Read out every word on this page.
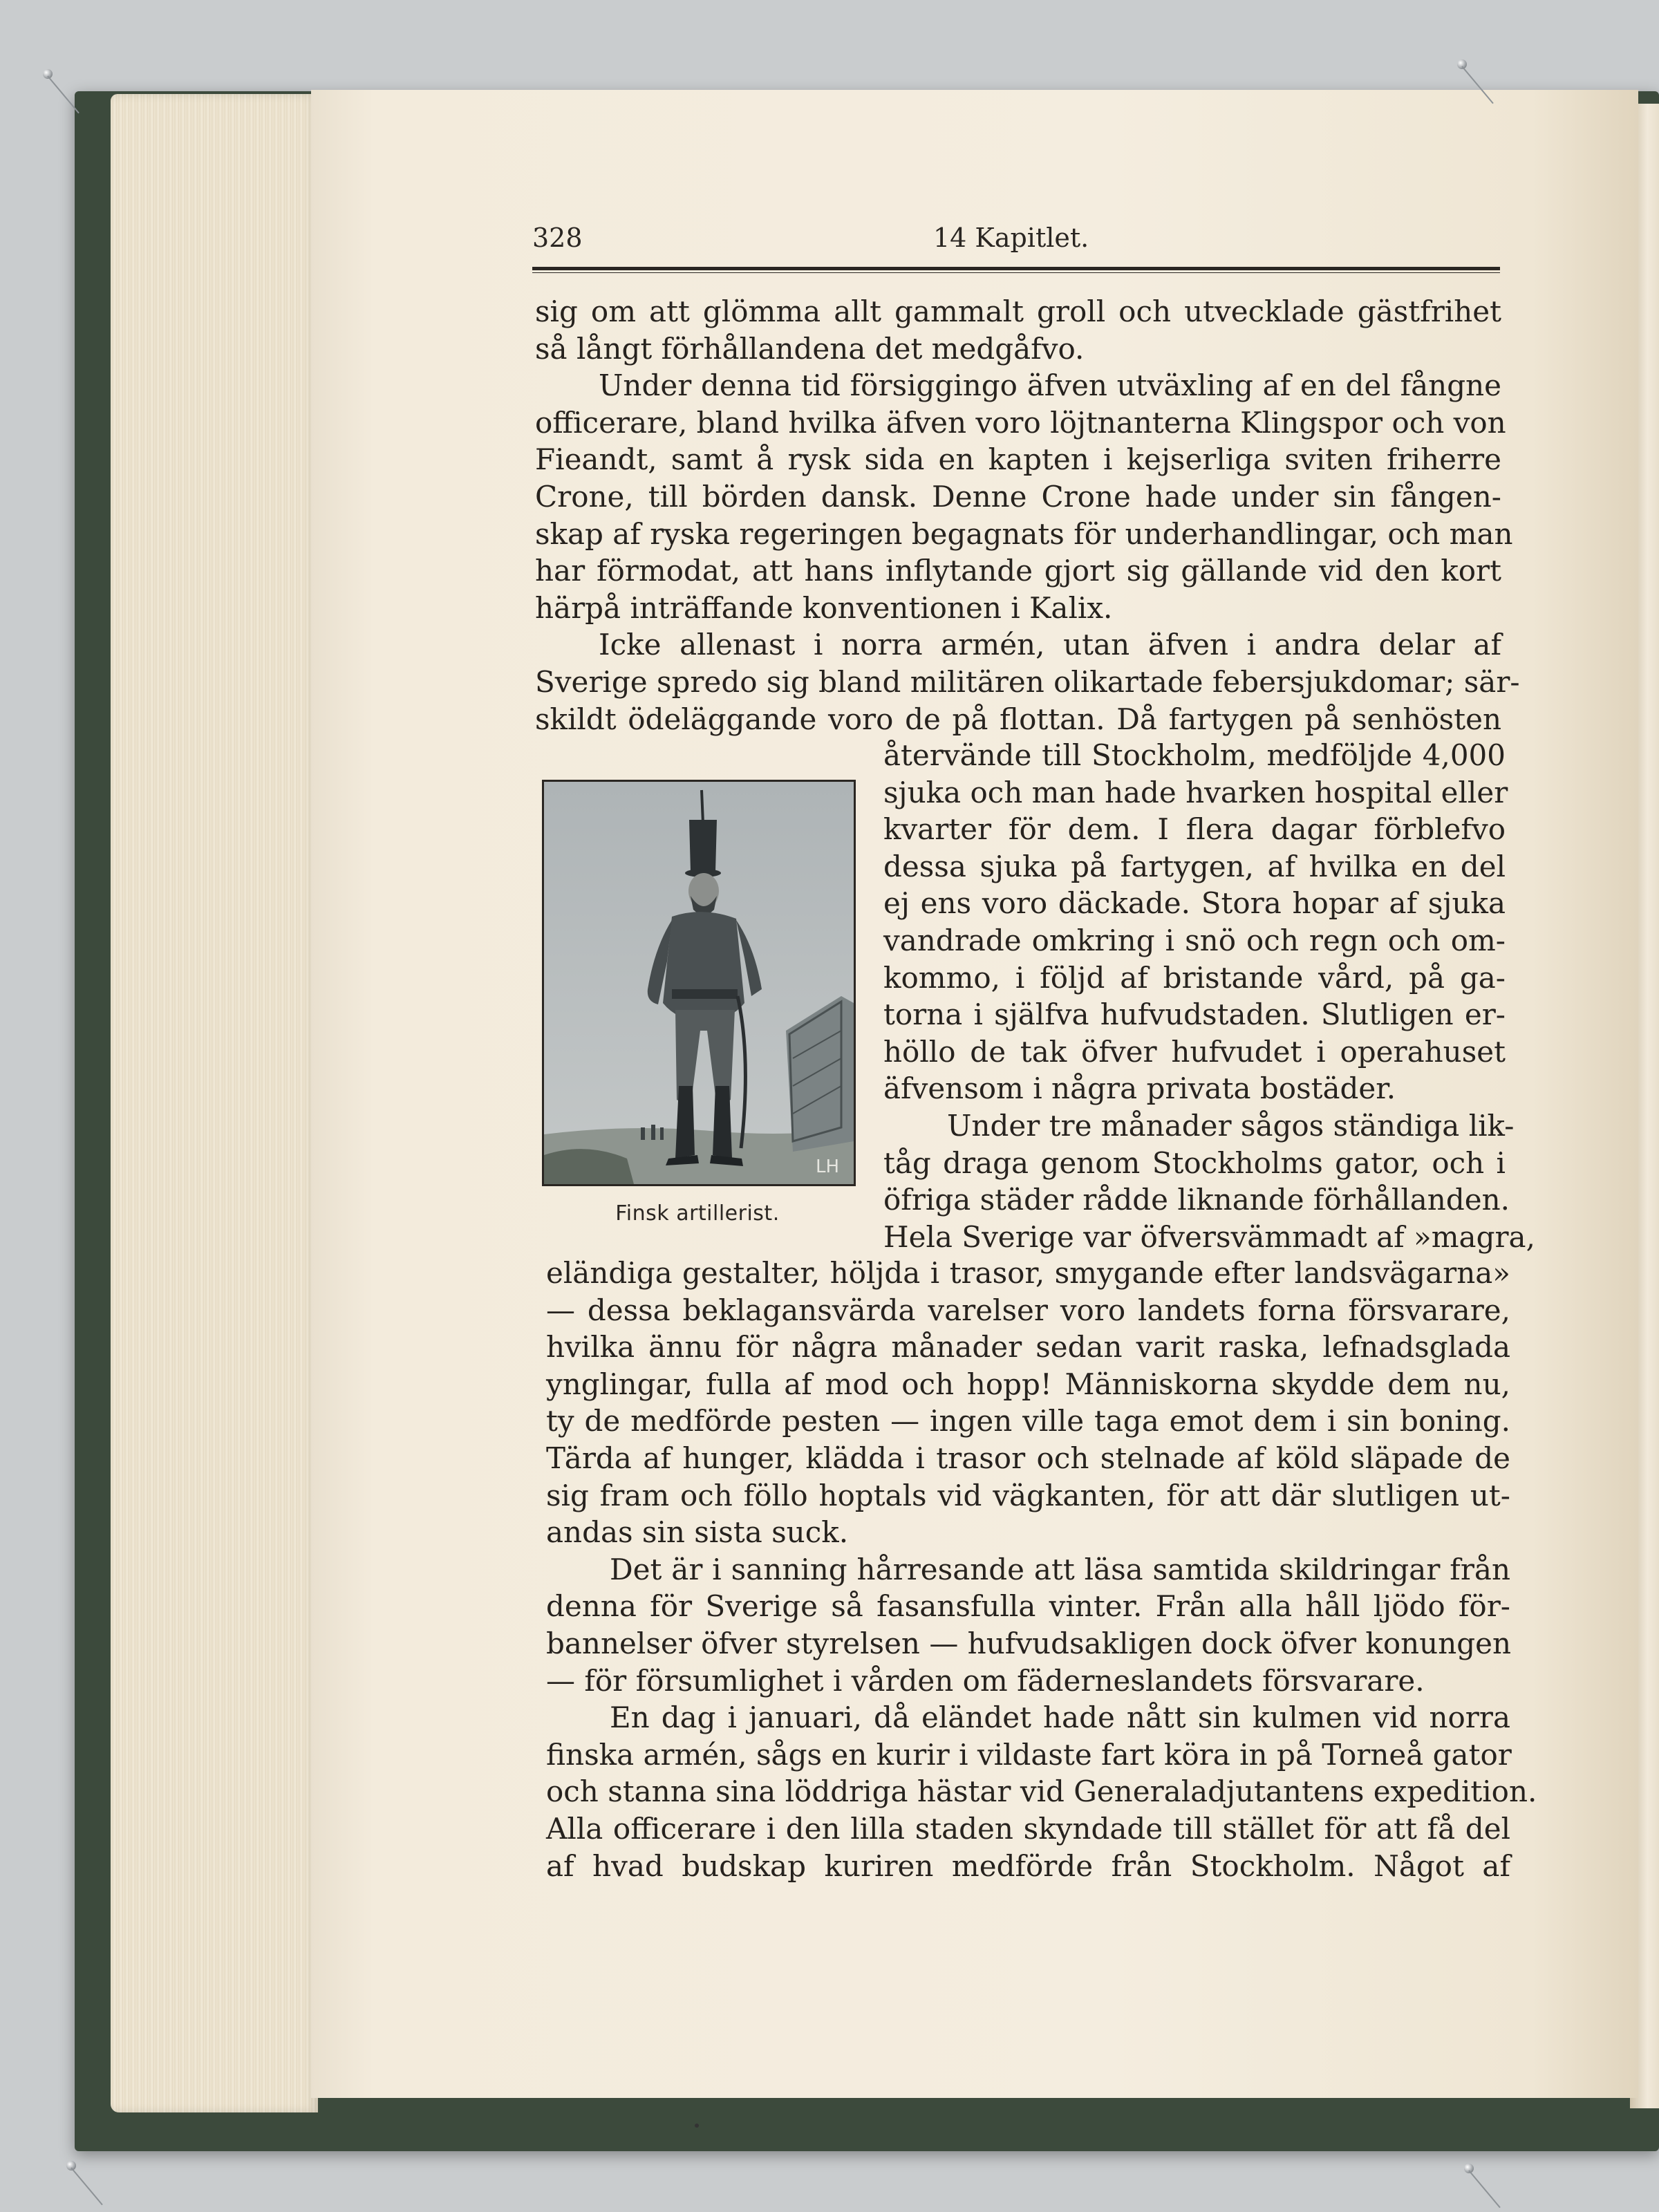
328	14 Kapitlet.
sig om att glömma allt gammalt groll och utvecklade gästfrihet
så långt förhållandena det medgåfvo.
Under denna tid försiggingo äfven utväxling af en del fångne
officerare, bland hvilka äfven voro löjtnanterna Klingspor och von
Fieandt, samt å rysk sida en kapten i kejserliga sviten friherre
Crone, till börden dansk. Denne Crone hade under sin fången-
skap af ryska regeringen begagnats för underhandlingar, och man
har förmodat, att hans inflytande gjort sig gällande vid den kort
härpå inträffande konventionen i Kalix.
Icke allenast i norra armén, utan äfven i andra delar af
Sverige spredo sig bland militären olikartade febersjukdomar; sär-
skildt ödeläggande voro de på flottan. Då fartygen på senhösten
LH
Finsk artillerist.
återvände till Stockholm, medföljde 4,000
sjuka och man hade hvarken hospital eller
kvarter för dem. I flera dagar förblefvo
dessa sjuka på fartygen, af hvilka en del
ej ens voro däckade. Stora hopar af sjuka
vandrade omkring i snö och regn och om-
kommo, i följd af bristande vård, på ga-
torna i själfva hufvudstaden. Slutligen er-
höllo de tak öfver hufvudet i operahuset
äfvensom i några privata bostäder.
Under tre månader sågos ständiga lik-
tåg draga genom Stockholms gator, och i
öfriga städer rådde liknande förhållanden.
Hela Sverige var öfversvämmadt af »magra,
eländiga gestalter, höljda i trasor, smygande efter landsvägarna»
— dessa beklagansvärda varelser voro landets forna försvarare,
hvilka ännu för några månader sedan varit raska, lefnadsglada
ynglingar, fulla af mod och hopp! Människorna skydde dem nu,
ty de medförde pesten — ingen ville taga emot dem i sin boning.
Tärda af hunger, klädda i trasor och stelnade af köld släpade de
sig fram och föllo hoptals vid vägkanten, för att där slutligen ut-
andas sin sista suck.
Det är i sanning hårresande att läsa samtida skildringar från
denna för Sverige så fasansfulla vinter. Från alla håll ljödo för-
bannelser öfver styrelsen — hufvudsakligen dock öfver konungen
— för försumlighet i vården om fäderneslandets försvarare.
En dag i januari, då eländet hade nått sin kulmen vid norra
finska armén, sågs en kurir i vildaste fart köra in på Torneå gator
och stanna sina löddriga hästar vid Generaladjutantens expedition.
Alla officerare i den lilla staden skyndade till stället för att få del
af hvad budskap kuriren medförde från Stockholm. Något af
